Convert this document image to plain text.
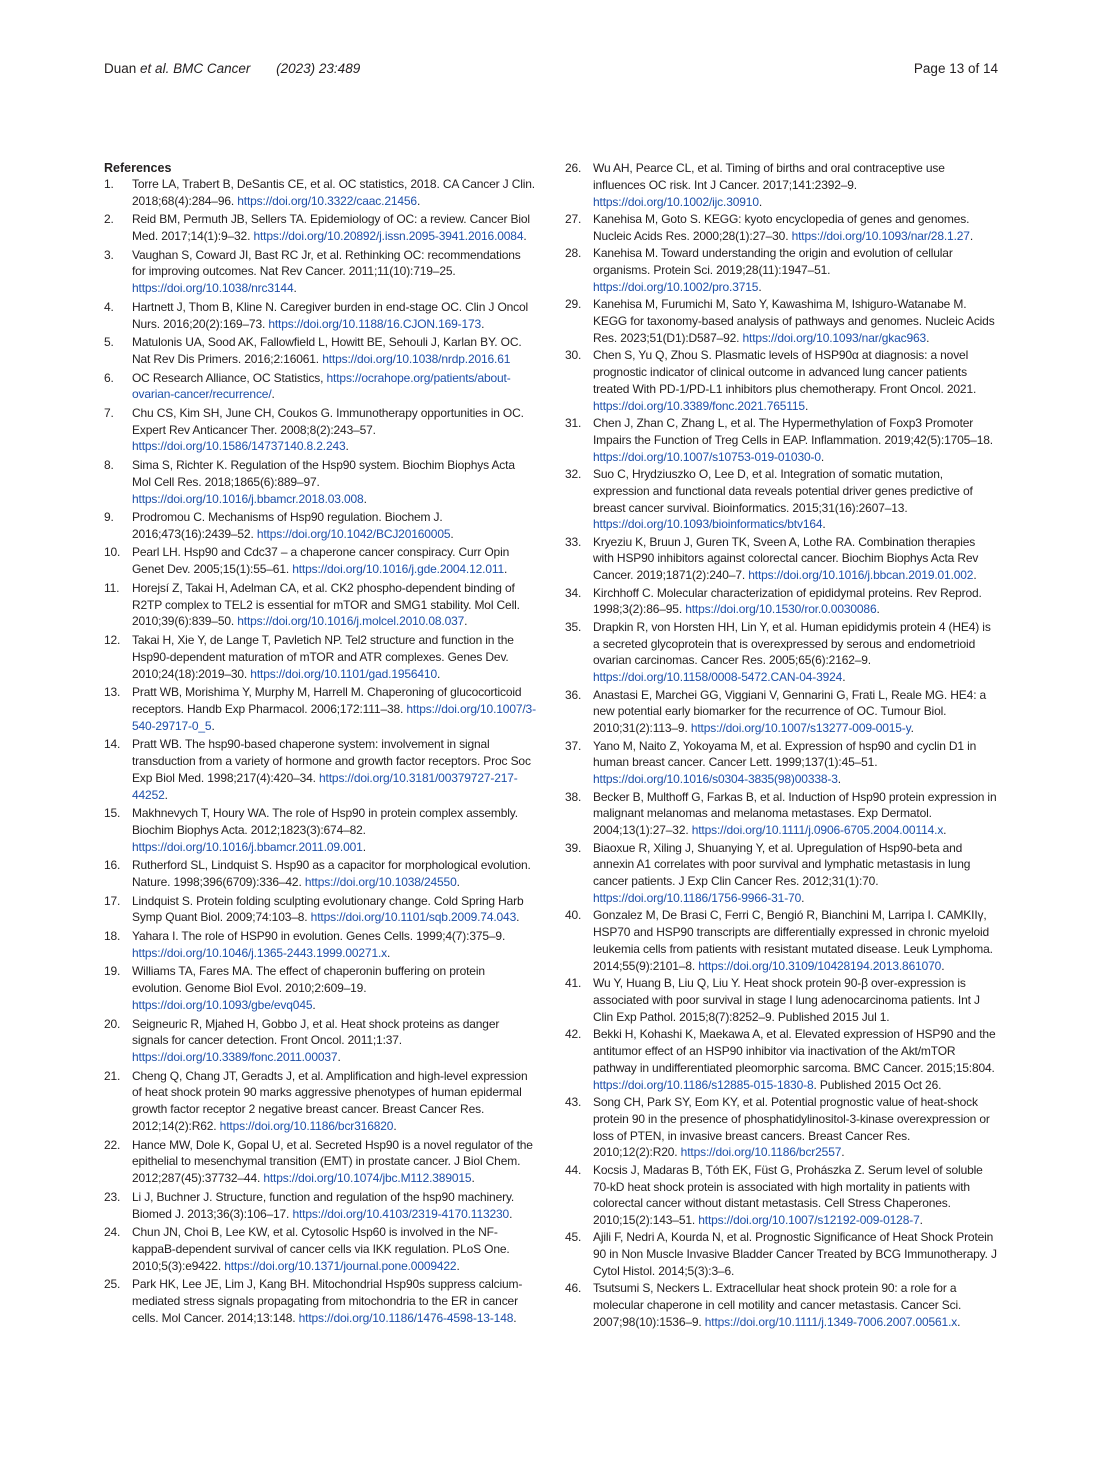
Duan et al. BMC Cancer (2023) 23:489	Page 13 of 14
References
1.	Torre LA, Trabert B, DeSantis CE, et al. OC statistics, 2018. CA Cancer J Clin. 2018;68(4):284–96. https://doi.org/10.3322/caac.21456.
2.	Reid BM, Permuth JB, Sellers TA. Epidemiology of OC: a review. Cancer Biol Med. 2017;14(1):9–32. https://doi.org/10.20892/j.issn.2095-3941.2016.0084.
3.	Vaughan S, Coward JI, Bast RC Jr, et al. Rethinking OC: recommendations for improving outcomes. Nat Rev Cancer. 2011;11(10):719–25. https://doi.org/10.1038/nrc3144.
4.	Hartnett J, Thom B, Kline N. Caregiver burden in end-stage OC. Clin J Oncol Nurs. 2016;20(2):169–73. https://doi.org/10.1188/16.CJON.169-173.
5.	Matulonis UA, Sood AK, Fallowfield L, Howitt BE, Sehouli J, Karlan BY. OC. Nat Rev Dis Primers. 2016;2:16061. https://doi.org/10.1038/nrdp.2016.61
6.	OC Research Alliance, OC Statistics, https://ocrahope.org/patients/about-ovarian-cancer/recurrence/.
7.	Chu CS, Kim SH, June CH, Coukos G. Immunotherapy opportunities in OC. Expert Rev Anticancer Ther. 2008;8(2):243–57. https://doi.org/10.1586/14737140.8.2.243.
8.	Sima S, Richter K. Regulation of the Hsp90 system. Biochim Biophys Acta Mol Cell Res. 2018;1865(6):889–97. https://doi.org/10.1016/j.bbamcr.2018.03.008.
9.	Prodromou C. Mechanisms of Hsp90 regulation. Biochem J. 2016;473(16):2439–52. https://doi.org/10.1042/BCJ20160005.
10. Pearl LH. Hsp90 and Cdc37 – a chaperone cancer conspiracy. Curr Opin Genet Dev. 2005;15(1):55–61. https://doi.org/10.1016/j.gde.2004.12.011.
11.	Horejsí Z, Takai H, Adelman CA, et al. CK2 phospho-dependent binding of R2TP complex to TEL2 is essential for mTOR and SMG1 stability. Mol Cell. 2010;39(6):839–50. https://doi.org/10.1016/j.molcel.2010.08.037.
12. Takai H, Xie Y, de Lange T, Pavletich NP. Tel2 structure and function in the Hsp90-dependent maturation of mTOR and ATR complexes. Genes Dev. 2010;24(18):2019–30. https://doi.org/10.1101/gad.1956410.
13. Pratt WB, Morishima Y, Murphy M, Harrell M. Chaperoning of glucocorticoid receptors. Handb Exp Pharmacol. 2006;172:111–38. https://doi.org/10.1007/3-540-29717-0_5.
14. Pratt WB. The hsp90-based chaperone system: involvement in signal transduction from a variety of hormone and growth factor receptors. Proc Soc Exp Biol Med. 1998;217(4):420–34. https://doi.org/10.3181/00379727-217-44252.
15. Makhnevych T, Houry WA. The role of Hsp90 in protein complex assembly. Biochim Biophys Acta. 2012;1823(3):674–82. https://doi.org/10.1016/j.bbamcr.2011.09.001.
16. Rutherford SL, Lindquist S. Hsp90 as a capacitor for morphological evolution. Nature. 1998;396(6709):336–42. https://doi.org/10.1038/24550.
17. Lindquist S. Protein folding sculpting evolutionary change. Cold Spring Harb Symp Quant Biol. 2009;74:103–8. https://doi.org/10.1101/sqb.2009.74.043.
18. Yahara I. The role of HSP90 in evolution. Genes Cells. 1999;4(7):375–9. https://doi.org/10.1046/j.1365-2443.1999.00271.x.
19. Williams TA, Fares MA. The effect of chaperonin buffering on protein evolution. Genome Biol Evol. 2010;2:609–19. https://doi.org/10.1093/gbe/evq045.
20. Seigneuric R, Mjahed H, Gobbo J, et al. Heat shock proteins as danger signals for cancer detection. Front Oncol. 2011;1:37. https://doi.org/10.3389/fonc.2011.00037.
21. Cheng Q, Chang JT, Geradts J, et al. Amplification and high-level expression of heat shock protein 90 marks aggressive phenotypes of human epidermal growth factor receptor 2 negative breast cancer. Breast Cancer Res. 2012;14(2):R62. https://doi.org/10.1186/bcr316820.
22. Hance MW, Dole K, Gopal U, et al. Secreted Hsp90 is a novel regulator of the epithelial to mesenchymal transition (EMT) in prostate cancer. J Biol Chem. 2012;287(45):37732–44. https://doi.org/10.1074/jbc.M112.389015.
23. Li J, Buchner J. Structure, function and regulation of the hsp90 machinery. Biomed J. 2013;36(3):106–17. https://doi.org/10.4103/2319-4170.113230.
24. Chun JN, Choi B, Lee KW, et al. Cytosolic Hsp60 is involved in the NF-kappaB-dependent survival of cancer cells via IKK regulation. PLoS One. 2010;5(3):e9422. https://doi.org/10.1371/journal.pone.0009422.
25. Park HK, Lee JE, Lim J, Kang BH. Mitochondrial Hsp90s suppress calcium-mediated stress signals propagating from mitochondria to the ER in cancer cells. Mol Cancer. 2014;13:148. https://doi.org/10.1186/1476-4598-13-148.
26. Wu AH, Pearce CL, et al. Timing of births and oral contraceptive use influences OC risk. Int J Cancer. 2017;141:2392–9. https://doi.org/10.1002/ijc.30910.
27. Kanehisa M, Goto S. KEGG: kyoto encyclopedia of genes and genomes. Nucleic Acids Res. 2000;28(1):27–30. https://doi.org/10.1093/nar/28.1.27.
28. Kanehisa M. Toward understanding the origin and evolution of cellular organisms. Protein Sci. 2019;28(11):1947–51. https://doi.org/10.1002/pro.3715.
29. Kanehisa M, Furumichi M, Sato Y, Kawashima M, Ishiguro-Watanabe M. KEGG for taxonomy-based analysis of pathways and genomes. Nucleic Acids Res. 2023;51(D1):D587–92. https://doi.org/10.1093/nar/gkac963.
30. Chen S, Yu Q, Zhou S. Plasmatic levels of HSP90α at diagnosis: a novel prognostic indicator of clinical outcome in advanced lung cancer patients treated With PD-1/PD-L1 inhibitors plus chemotherapy. Front Oncol. 2021. https://doi.org/10.3389/fonc.2021.765115.
31. Chen J, Zhan C, Zhang L, et al. The Hypermethylation of Foxp3 Promoter Impairs the Function of Treg Cells in EAP. Inflammation. 2019;42(5):1705–18. https://doi.org/10.1007/s10753-019-01030-0.
32. Suo C, Hrydziuszko O, Lee D, et al. Integration of somatic mutation, expression and functional data reveals potential driver genes predictive of breast cancer survival. Bioinformatics. 2015;31(16):2607–13. https://doi.org/10.1093/bioinformatics/btv164.
33. Kryeziu K, Bruun J, Guren TK, Sveen A, Lothe RA. Combination therapies with HSP90 inhibitors against colorectal cancer. Biochim Biophys Acta Rev Cancer. 2019;1871(2):240–7. https://doi.org/10.1016/j.bbcan.2019.01.002.
34. Kirchhoff C. Molecular characterization of epididymal proteins. Rev Reprod. 1998;3(2):86–95. https://doi.org/10.1530/ror.0.0030086.
35. Drapkin R, von Horsten HH, Lin Y, et al. Human epididymis protein 4 (HE4) is a secreted glycoprotein that is overexpressed by serous and endometrioid ovarian carcinomas. Cancer Res. 2005;65(6):2162–9. https://doi.org/10.1158/0008-5472.CAN-04-3924.
36. Anastasi E, Marchei GG, Viggiani V, Gennarini G, Frati L, Reale MG. HE4: a new potential early biomarker for the recurrence of OC. Tumour Biol. 2010;31(2):113–9. https://doi.org/10.1007/s13277-009-0015-y.
37. Yano M, Naito Z, Yokoyama M, et al. Expression of hsp90 and cyclin D1 in human breast cancer. Cancer Lett. 1999;137(1):45–51. https://doi.org/10.1016/s0304-3835(98)00338-3.
38. Becker B, Multhoff G, Farkas B, et al. Induction of Hsp90 protein expression in malignant melanomas and melanoma metastases. Exp Dermatol. 2004;13(1):27–32. https://doi.org/10.1111/j.0906-6705.2004.00114.x.
39. Biaoxue R, Xiling J, Shuanying Y, et al. Upregulation of Hsp90-beta and annexin A1 correlates with poor survival and lymphatic metastasis in lung cancer patients. J Exp Clin Cancer Res. 2012;31(1):70. https://doi.org/10.1186/1756-9966-31-70.
40. Gonzalez M, De Brasi C, Ferri C, Bengió R, Bianchini M, Larripa I. CAMKIIγ, HSP70 and HSP90 transcripts are differentially expressed in chronic myeloid leukemia cells from patients with resistant mutated disease. Leuk Lymphoma. 2014;55(9):2101–8. https://doi.org/10.3109/10428194.2013.861070.
41. Wu Y, Huang B, Liu Q, Liu Y. Heat shock protein 90-β over-expression is associated with poor survival in stage I lung adenocarcinoma patients. Int J Clin Exp Pathol. 2015;8(7):8252–9. Published 2015 Jul 1.
42. Bekki H, Kohashi K, Maekawa A, et al. Elevated expression of HSP90 and the antitumor effect of an HSP90 inhibitor via inactivation of the Akt/mTOR pathway in undifferentiated pleomorphic sarcoma. BMC Cancer. 2015;15:804. https://doi.org/10.1186/s12885-015-1830-8. Published 2015 Oct 26.
43. Song CH, Park SY, Eom KY, et al. Potential prognostic value of heat-shock protein 90 in the presence of phosphatidylinositol-3-kinase overexpression or loss of PTEN, in invasive breast cancers. Breast Cancer Res. 2010;12(2):R20. https://doi.org/10.1186/bcr2557.
44. Kocsis J, Madaras B, Tóth EK, Füst G, Prohászka Z. Serum level of soluble 70-kD heat shock protein is associated with high mortality in patients with colorectal cancer without distant metastasis. Cell Stress Chaperones. 2010;15(2):143–51. https://doi.org/10.1007/s12192-009-0128-7.
45. Ajili F, Nedri A, Kourda N, et al. Prognostic Significance of Heat Shock Protein 90 in Non Muscle Invasive Bladder Cancer Treated by BCG Immunotherapy. J Cytol Histol. 2014;5(3):3–6.
46. Tsutsumi S, Neckers L. Extracellular heat shock protein 90: a role for a molecular chaperone in cell motility and cancer metastasis. Cancer Sci. 2007;98(10):1536–9. https://doi.org/10.1111/j.1349-7006.2007.00561.x.
